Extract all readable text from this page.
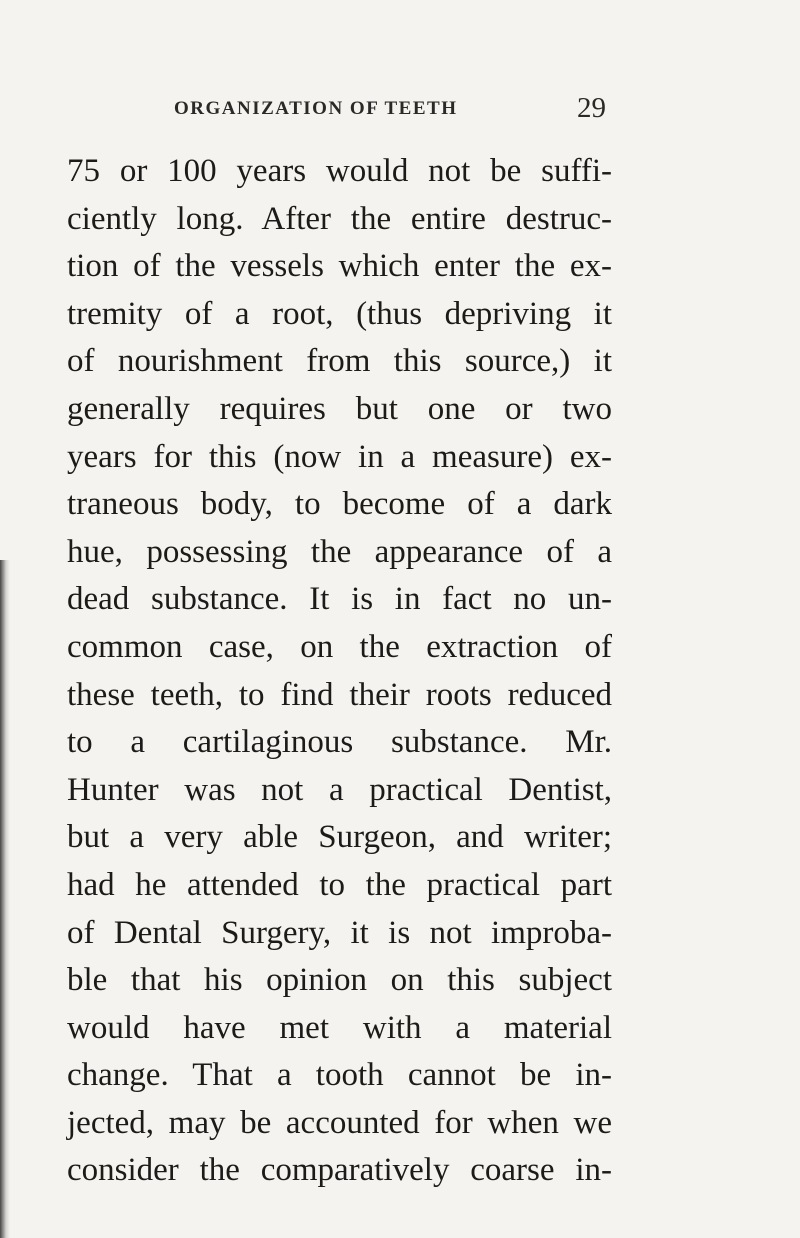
ORGANIZATION OF TEETH	29
75 or 100 years would not be suffi-
ciently long. After the entire destruc-
tion of the vessels which enter the ex-
tremity of a root, (thus depriving it
of nourishment from this source,) it
generally requires but one or two
years for this (now in a measure) ex-
traneous body, to become of a dark
hue, possessing the appearance of a
dead substance. It is in fact no un-
common case, on the extraction of
these teeth, to find their roots reduced
to a cartilaginous substance. Mr.
Hunter was not a practical Dentist,
but a very able Surgeon, and writer;
had he attended to the practical part
of Dental Surgery, it is not improba-
ble that his opinion on this subject
would have met with a material
change. That a tooth cannot be in-
jected, may be accounted for when we
consider the comparatively coarse in-
